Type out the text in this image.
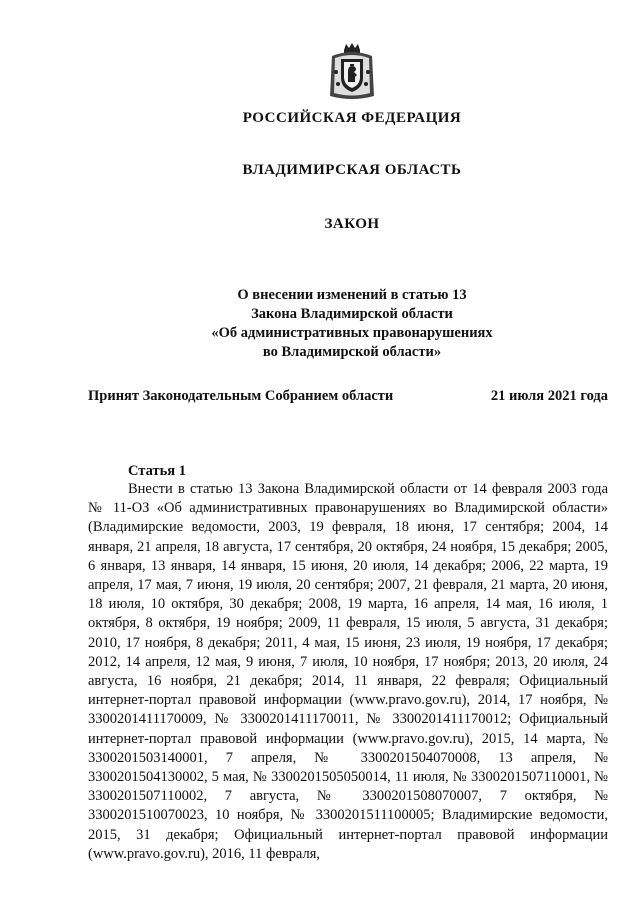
РОССИЙСКАЯ ФЕДЕРАЦИЯ
ВЛАДИМИРСКАЯ ОБЛАСТЬ
ЗАКОН
О внесении изменений в статью 13
Закона Владимирской области
«Об административных правонарушениях
во Владимирской области»
Принят Законодательным Собранием области	21 июля 2021 года
Статья 1
Внести в статью 13 Закона Владимирской области от 14 февраля 2003 года № 11-ОЗ «Об административных правонарушениях во Владимирской области» (Владимирские ведомости, 2003, 19 февраля, 18 июня, 17 сентября; 2004, 14 января, 21 апреля, 18 августа, 17 сентября, 20 октября, 24 ноября, 15 декабря; 2005, 6 января, 13 января, 14 января, 15 июня, 20 июля, 14 декабря; 2006, 22 марта, 19 апреля, 17 мая, 7 июня, 19 июля, 20 сентября; 2007, 21 февраля, 21 марта, 20 июня, 18 июля, 10 октября, 30 декабря; 2008, 19 марта, 16 апреля, 14 мая, 16 июля, 1 октября, 8 октября, 19 ноября; 2009, 11 февраля, 15 июля, 5 августа, 31 декабря; 2010, 17 ноября, 8 декабря; 2011, 4 мая, 15 июня, 23 июля, 19 ноября, 17 декабря; 2012, 14 апреля, 12 мая, 9 июня, 7 июля, 10 ноября, 17 ноября; 2013, 20 июля, 24 августа, 16 ноября, 21 декабря; 2014, 11 января, 22 февраля; Официальный интернет-портал правовой информации (www.pravo.gov.ru), 2014, 17 ноября, № 3300201411170009, № 3300201411170011, № 3300201411170012; Официальный интернет-портал правовой информации (www.pravo.gov.ru), 2015, 14 марта, № 3300201503140001, 7 апреля, № 3300201504070008, 13 апреля, № 3300201504130002, 5 мая, № 3300201505050014, 11 июля, № 3300201507110001, № 3300201507110002, 7 августа, № 3300201508070007, 7 октября, № 3300201510070023, 10 ноября, № 3300201511100005; Владимирские ведомости, 2015, 31 декабря; Официальный интернет-портал правовой информации (www.pravo.gov.ru), 2016, 11 февраля,
